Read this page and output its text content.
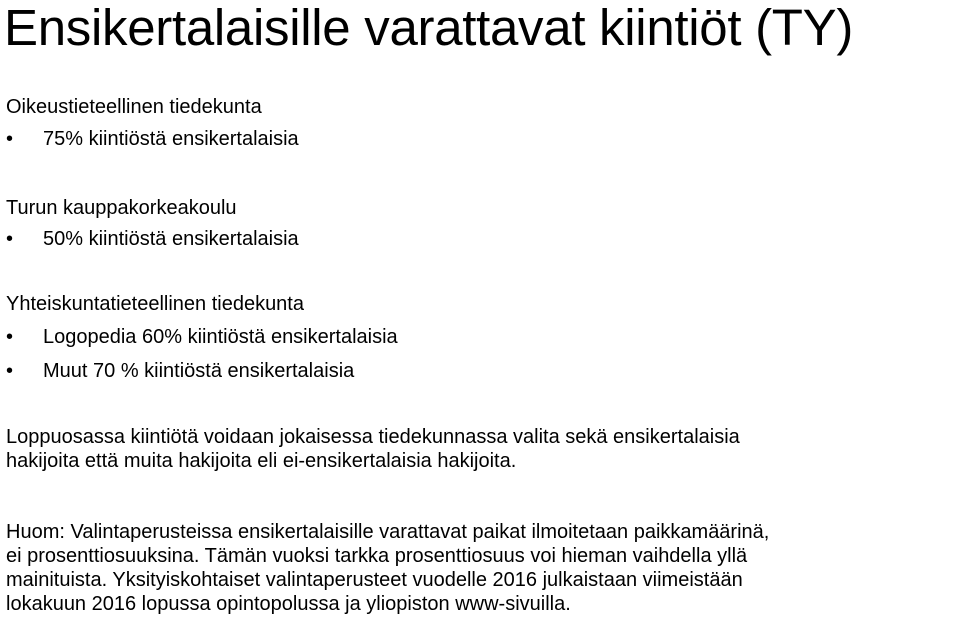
Ensikertalaisille varattavat kiintiöt (TY)
Oikeustieteellinen tiedekunta
• 75% kiintiöstä ensikertalaisia
Turun kauppakorkeakoulu
• 50% kiintiöstä ensikertalaisia
Yhteiskuntatieteellinen tiedekunta
• Logopedia 60% kiintiöstä ensikertalaisia
• Muut 70 % kiintiöstä ensikertalaisia

Loppuosassa kiintiötä voidaan jokaisessa tiedekunnassa valita sekä ensikertalaisia

hakijoita että muita hakijoita eli ei-ensikertalaisia hakijoita.

Huom: Valintaperusteissa ensikertalaisille varattavat paikat ilmoitetaan paikkamäärinä,

ei prosenttiosuuksina. Tämän vuoksi tarkka prosenttiosuus voi hieman vaihdella yllä

mainituista. Yksityiskohtaiset valintaperusteet vuodelle 2016 julkaistaan viimeistään

lokakuun 2016 lopussa opintopolussa ja yliopiston www-sivuilla.
